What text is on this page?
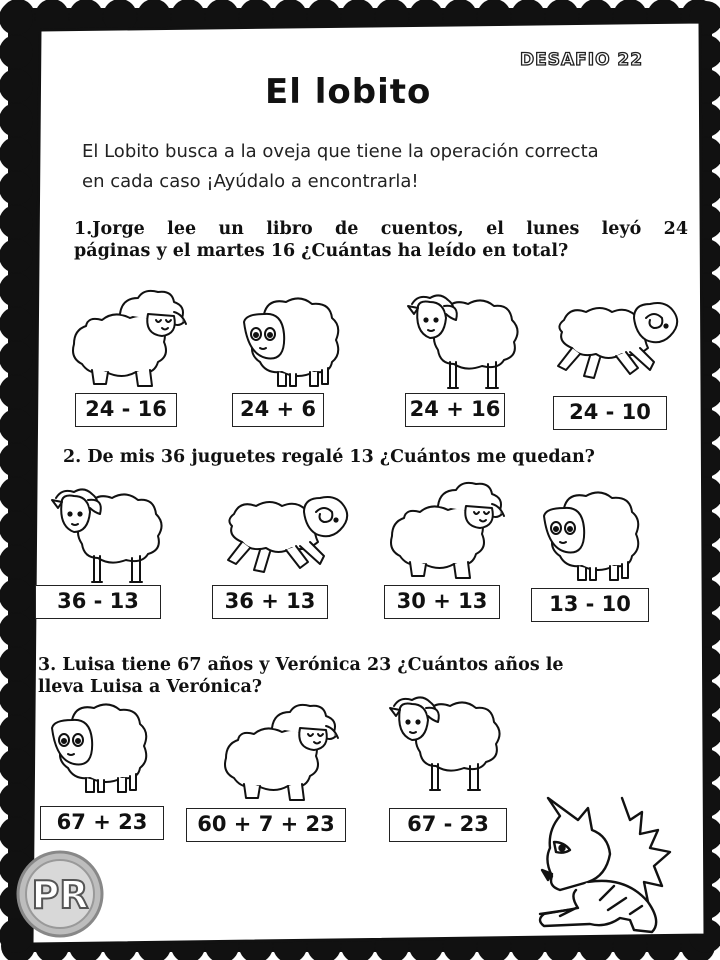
DESAFIO 22
El lobito
El Lobito busca a la oveja que tiene la operación correcta
en cada caso ¡Ayúdalo a encontrarla!
1.Jorge lee un libro de cuentos, el lunes leyó 24
páginas y el martes 16 ¿Cuántas ha leído en total?
24 - 16	24 + 6	24 + 16	24 - 10
2. De mis 36 juguetes regalé 13 ¿Cuántos me quedan?
36 - 13	36 + 13	30 + 13	13 - 10
3. Luisa tiene 67 años y Verónica 23 ¿Cuántos años le
lleva Luisa a Verónica?
67 + 23	60 + 7 + 23	67 - 23
PR
